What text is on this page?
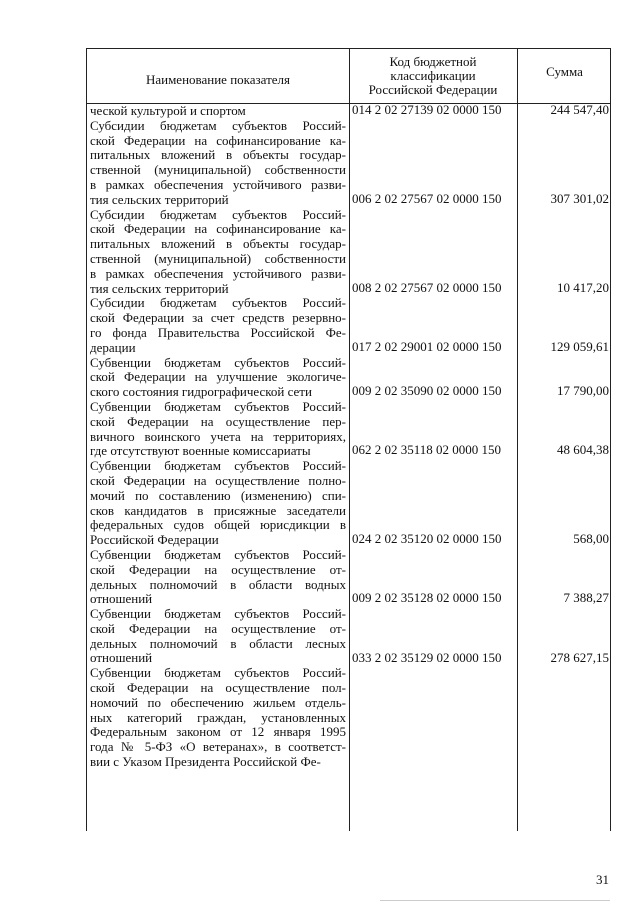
Наименование показателя
Код бюджетной
классификации
Российской Федерации
Сумма
ческой культурой и спортом
Субсидии бюджетам субъектов Россий-
ской Федерации на софинансирование ка-
питальных вложений в объекты государ-
ственной (муниципальной) собственности
в рамках обеспечения устойчивого разви-
тия сельских территорий
Субсидии бюджетам субъектов Россий-
ской Федерации на софинансирование ка-
питальных вложений в объекты государ-
ственной (муниципальной) собственности
в рамках обеспечения устойчивого разви-
тия сельских территорий
Субсидии бюджетам субъектов Россий-
ской Федерации за счет средств резервно-
го фонда Правительства Российской Фе-
дерации
Субвенции бюджетам субъектов Россий-
ской Федерации на улучшение экологиче-
ского состояния гидрографической сети
Субвенции бюджетам субъектов Россий-
ской Федерации на осуществление пер-
вичного воинского учета на территориях,
где отсутствуют военные комиссариаты
Субвенции бюджетам субъектов Россий-
ской Федерации на осуществление полно-
мочий по составлению (изменению) спи-
сков кандидатов в присяжные заседатели
федеральных судов общей юрисдикции в
Российской Федерации
Субвенции бюджетам субъектов Россий-
ской Федерации на осуществление от-
дельных полномочий в области водных
отношений
Субвенции бюджетам субъектов Россий-
ской Федерации на осуществление от-
дельных полномочий в области лесных
отношений
Субвенции бюджетам субъектов Россий-
ской Федерации на осуществление пол-
номочий по обеспечению жильем отдель-
ных категорий граждан, установленных
Федеральным законом от 12 января 1995
года № 5-ФЗ «О ветеранах», в соответст-
вии с Указом Президента Российской Фе-
014 2 02 27139 02 0000 150
006 2 02 27567 02 0000 150
008 2 02 27567 02 0000 150
017 2 02 29001 02 0000 150
009 2 02 35090 02 0000 150
062 2 02 35118 02 0000 150
024 2 02 35120 02 0000 150
009 2 02 35128 02 0000 150
033 2 02 35129 02 0000 150
244 547,40
307 301,02
10 417,20
129 059,61
17 790,00
48 604,38
568,00
7 388,27
278 627,15
31
